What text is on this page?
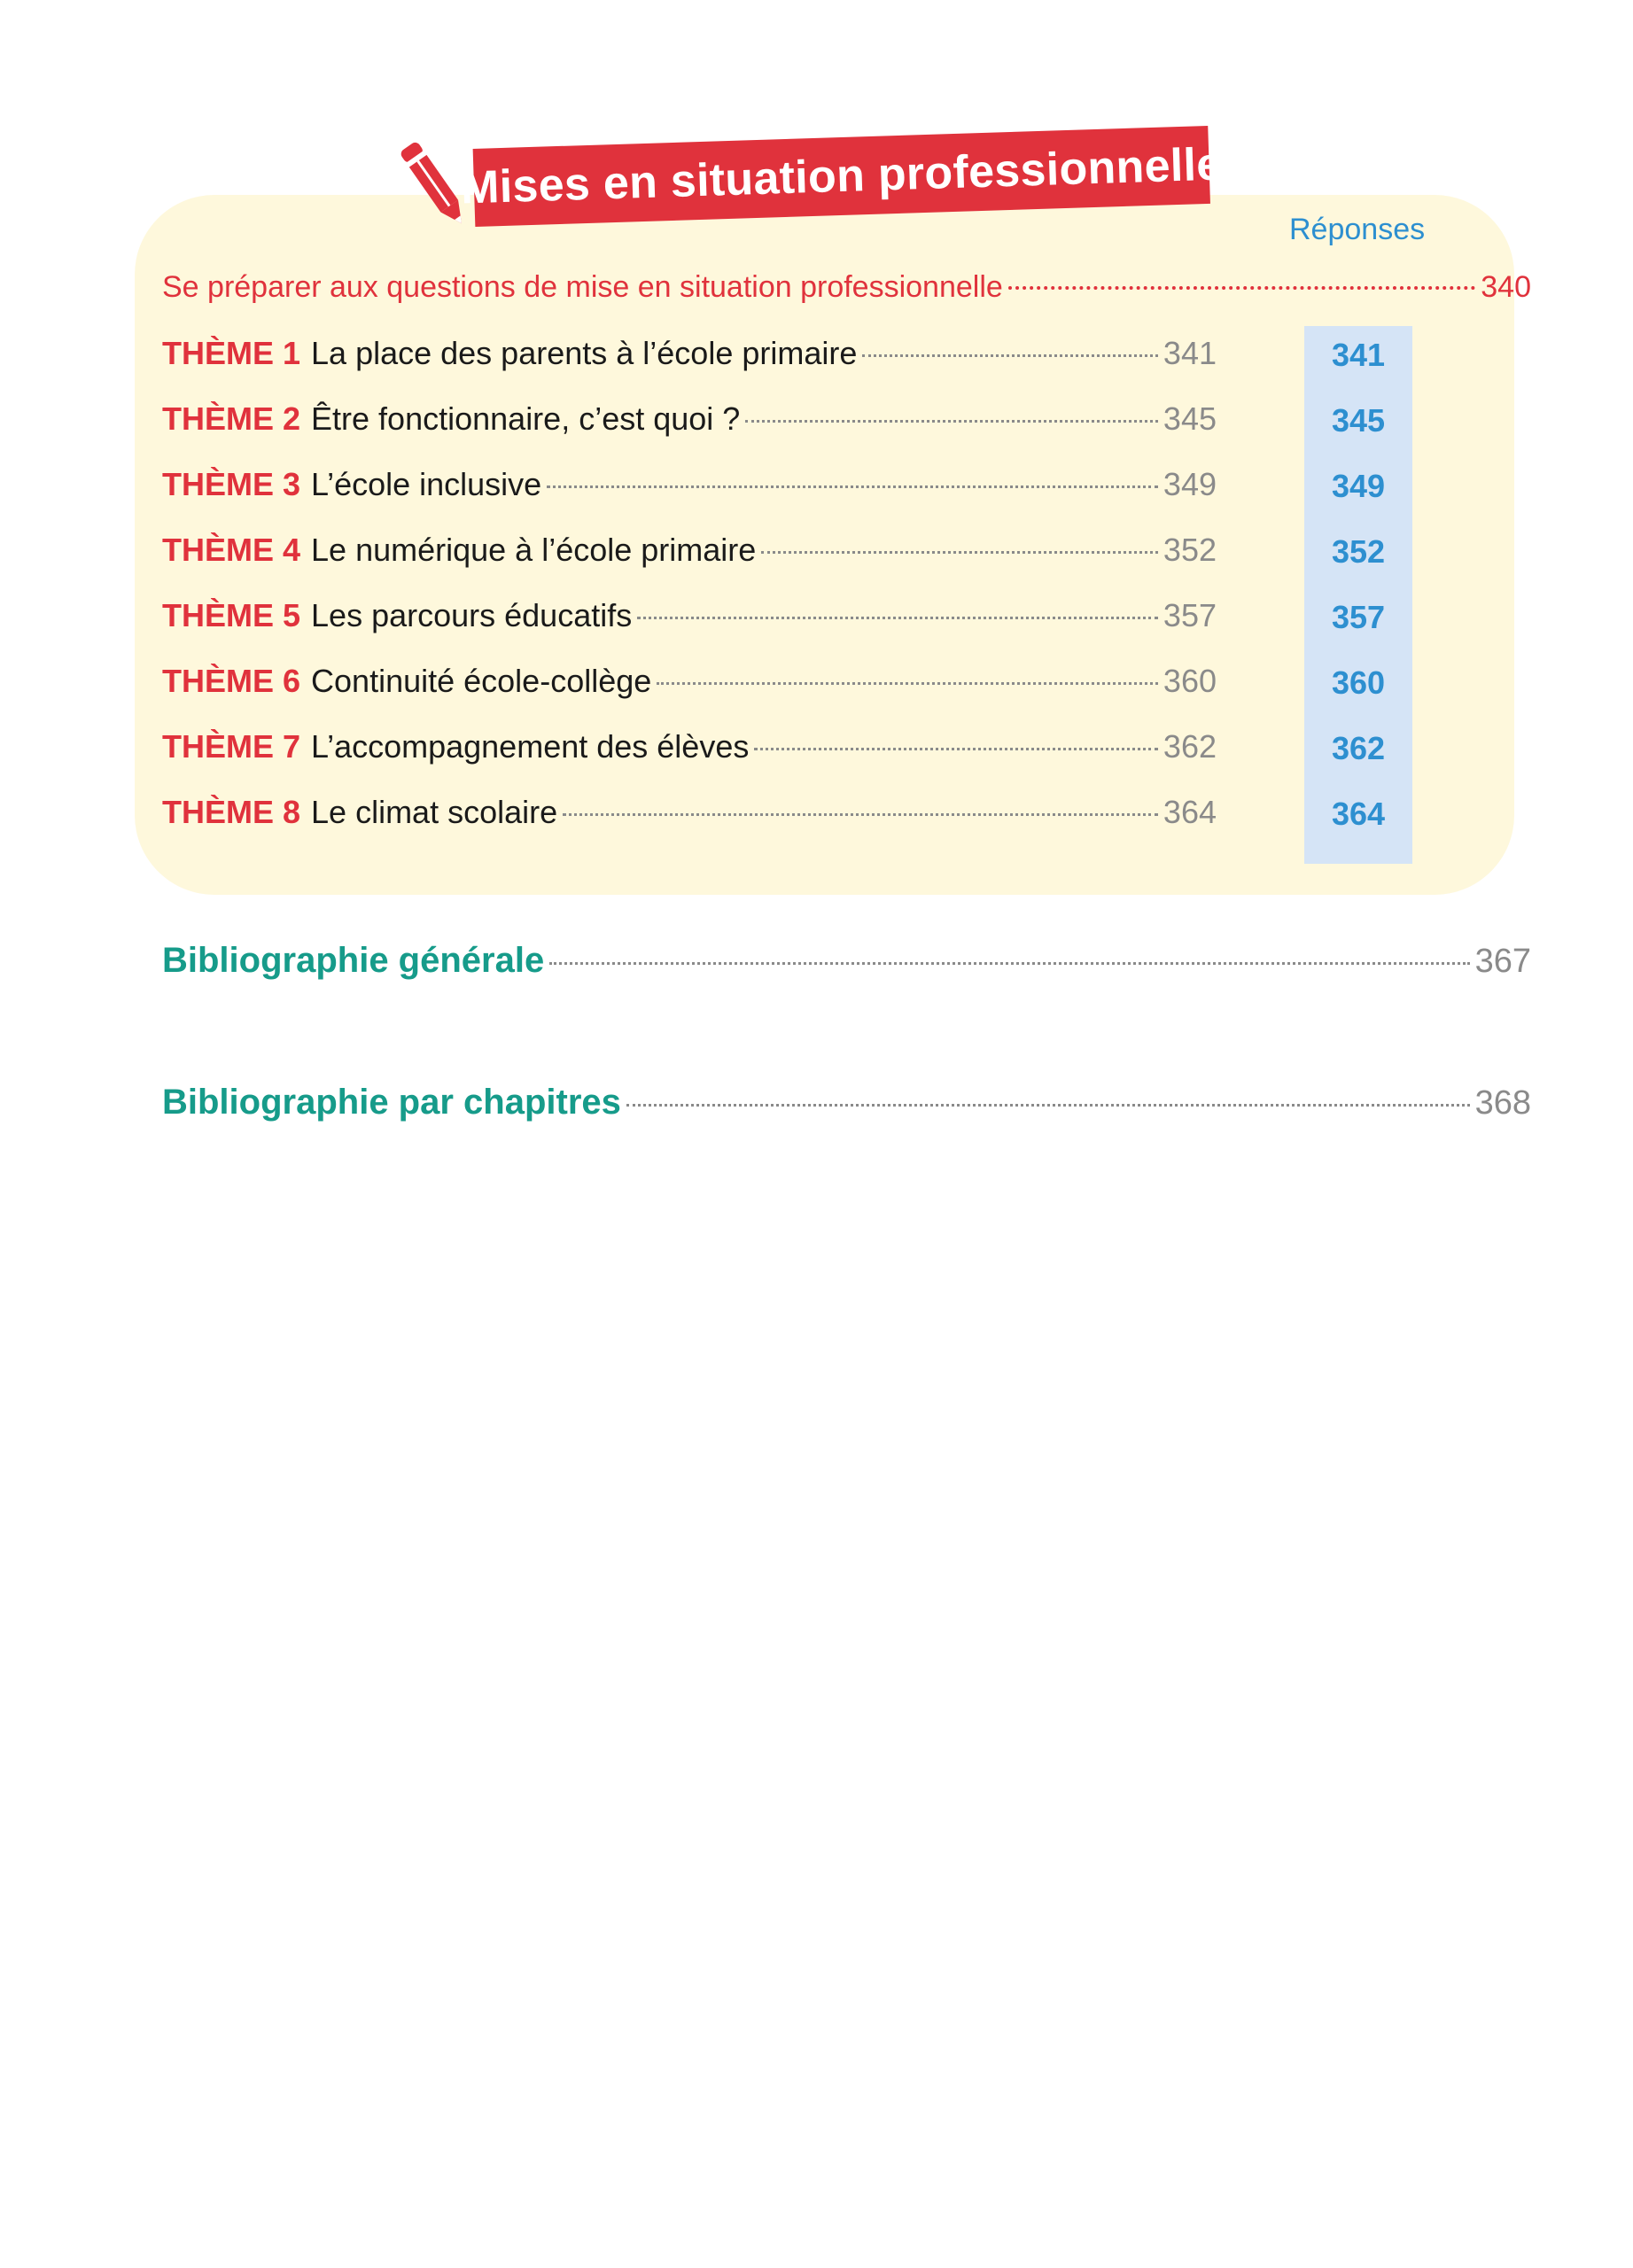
Mises en situation professionnelle
Réponses
Se préparer aux questions de mise en situation professionnelle	340
THÈME 1 La place des parents à l’école primaire	341	341
THÈME 2 Être fonctionnaire, c’est quoi ?	345	345
THÈME 3 L’école inclusive	349	349
THÈME 4 Le numérique à l’école primaire	352	352
THÈME 5 Les parcours éducatifs	357	357
THÈME 6 Continuité école-collège	360	360
THÈME 7 L’accompagnement des élèves	362	362
THÈME 8 Le climat scolaire	364	364
Bibliographie générale	367
Bibliographie par chapitres	368
